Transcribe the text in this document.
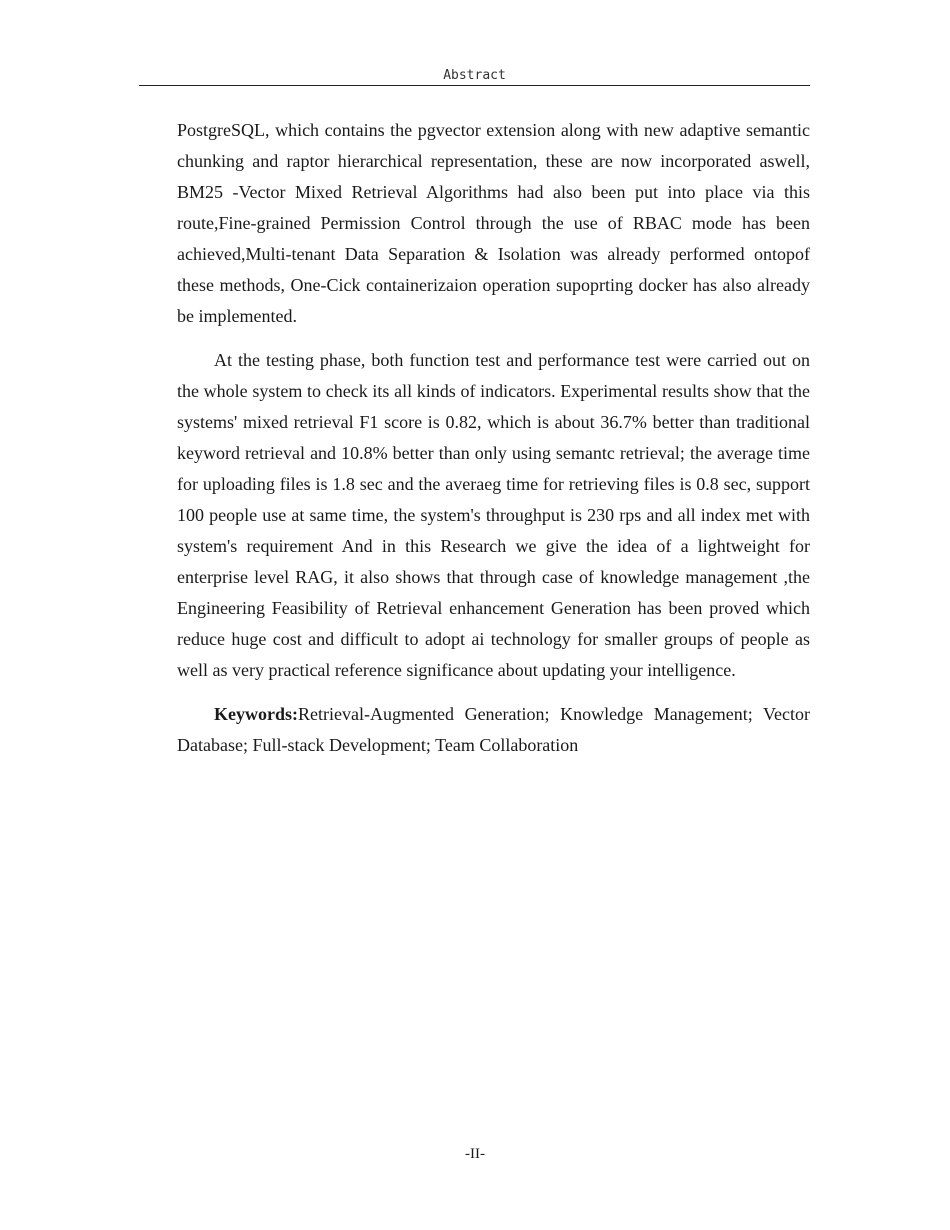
Abstract

PostgreSQL, which contains the pgvector extension along with new adaptive semantic chunking and raptor hierarchical representation, these are now incorporated aswell, BM25 -Vector Mixed Retrieval Algorithms had also been put into place via this route,Fine-grained Permission Control through the use of RBAC mode has been achieved,Multi-tenant Data Separation & Isolation was already performed ontopof these methods, One-Cick containerizaion operation supoprting docker has also already be implemented.

At the testing phase, both function test and performance test were carried out on the whole system to check its all kinds of indicators. Experimental results show that the systems' mixed retrieval F1 score is 0.82, which is about 36.7% better than traditional keyword retrieval and 10.8% better than only using semantc retrieval; the average time for uploading files is 1.8 sec and the averaeg time for retrieving files is 0.8 sec, support 100 people use at same time, the system's throughput is 230 rps and all index met with system's requirement And in this Research we give the idea of a lightweight for enterprise level RAG, it also shows that through case of knowledge management ,the Engineering Feasibility of Retrieval enhancement Generation has been proved which reduce huge cost and difficult to adopt ai technology for smaller groups of people as well as very practical reference significance about updating your intelligence.

Keywords:Retrieval-Augmented Generation; Knowledge Management; Vector Database; Full-stack Development; Team Collaboration

-II-
